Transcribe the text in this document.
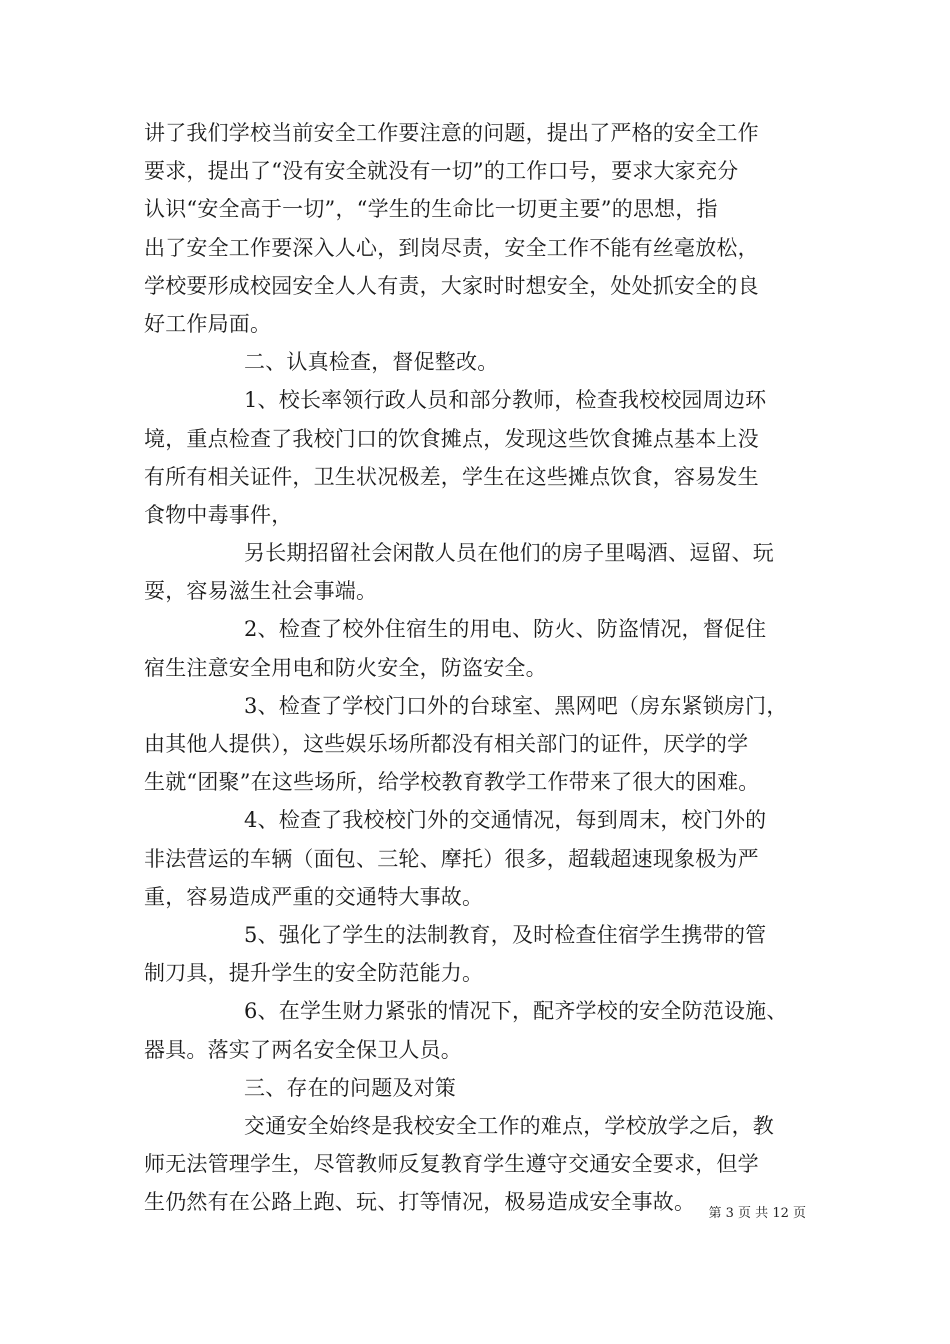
讲了我们学校当前安全工作要注意的问题，提出了严格的安全工作
要求，提出了“没有安全就没有一切”的工作口号，要求大家充分
认识“安全高于一切”，“学生的生命比一切更主要”的思想，指
出了安全工作要深入人心，到岗尽责，安全工作不能有丝毫放松，
学校要形成校园安全人人有责，大家时时想安全，处处抓安全的良
好工作局面。
二、认真检查，督促整改。
1、校长率领行政人员和部分教师，检查我校校园周边环
境，重点检查了我校门口的饮食摊点，发现这些饮食摊点基本上没
有所有相关证件，卫生状况极差，学生在这些摊点饮食，容易发生
食物中毒事件，
另长期招留社会闲散人员在他们的房子里喝酒、逗留、玩
耍，容易滋生社会事端。
2、检查了校外住宿生的用电、防火、防盗情况，督促住
宿生注意安全用电和防火安全，防盗安全。
3、检查了学校门口外的台球室、黑网吧（房东紧锁房门，
由其他人提供），这些娱乐场所都没有相关部门的证件，厌学的学
生就“团聚”在这些场所，给学校教育教学工作带来了很大的困难。
4、检查了我校校门外的交通情况，每到周末，校门外的
非法营运的车辆（面包、三轮、摩托）很多，超载超速现象极为严
重，容易造成严重的交通特大事故。
5、强化了学生的法制教育，及时检查住宿学生携带的管
制刀具，提升学生的安全防范能力。
6、在学生财力紧张的情况下，配齐学校的安全防范设施、
器具。落实了两名安全保卫人员。
三、存在的问题及对策
交通安全始终是我校安全工作的难点，学校放学之后，教
师无法管理学生，尽管教师反复教育学生遵守交通安全要求，但学
生仍然有在公路上跑、玩、打等情况，极易造成安全事故。	第 3 页 共 12 页
